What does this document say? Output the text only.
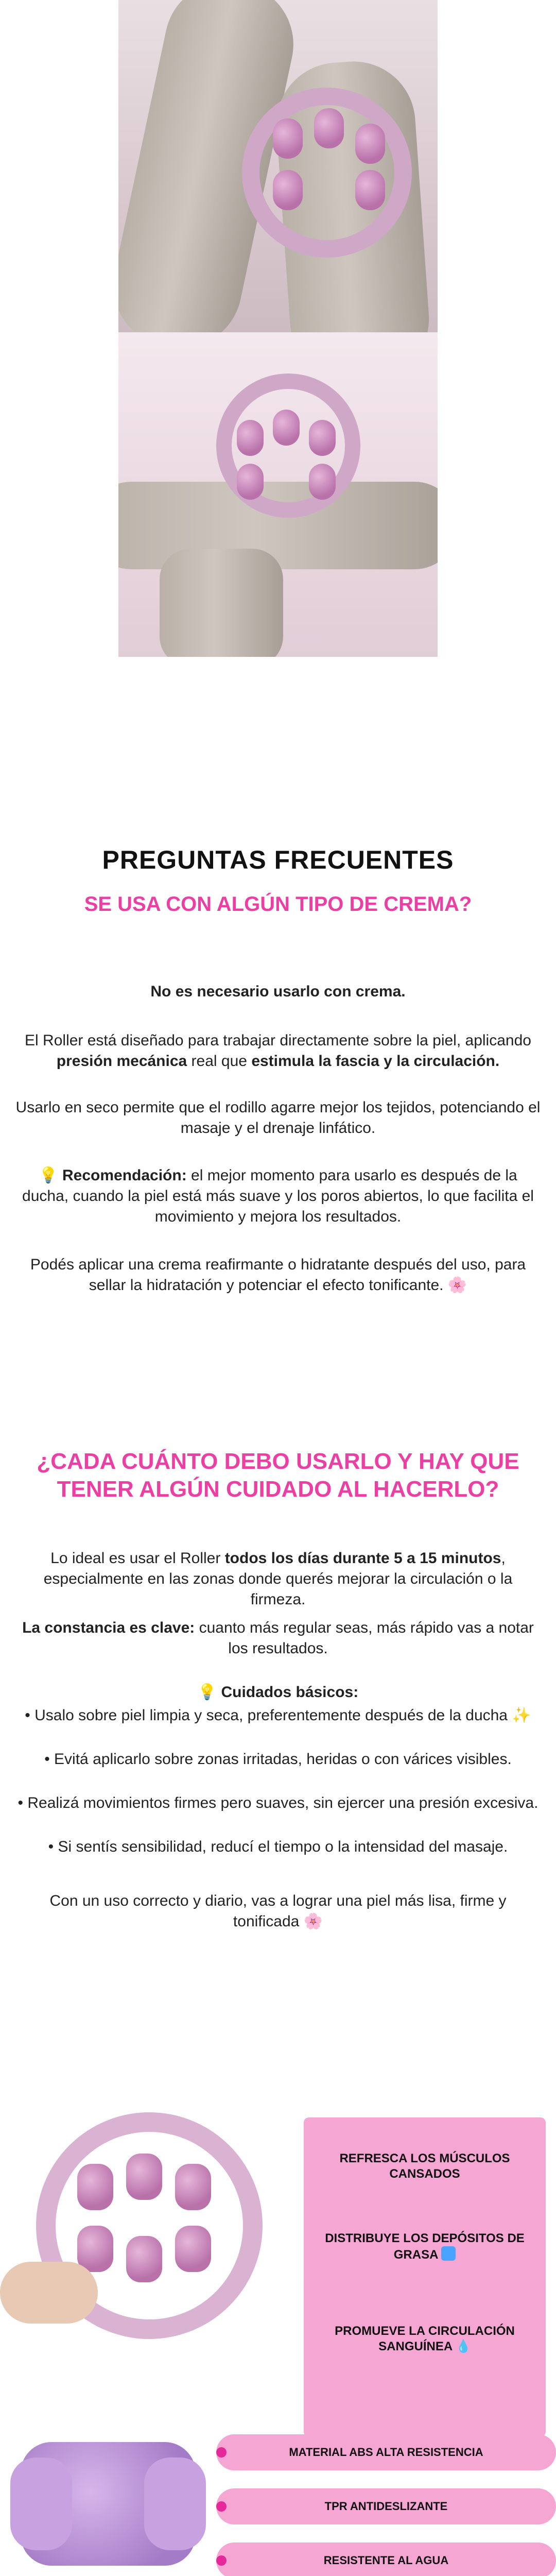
PREGUNTAS FRECUENTES
SE USA CON ALGÚN TIPO DE CREMA?
No es necesario usarlo con crema.
El Roller está diseñado para trabajar directamente sobre la piel, aplicando presión mecánica real que estimula la fascia y la circulación.
Usarlo en seco permite que el rodillo agarre mejor los tejidos, potenciando el masaje y el drenaje linfático.
💡 Recomendación: el mejor momento para usarlo es después de la ducha, cuando la piel está más suave y los poros abiertos, lo que facilita el movimiento y mejora los resultados.
Podés aplicar una crema reafirmante o hidratante después del uso, para sellar la hidratación y potenciar el efecto tonificante. 🌸
¿CADA CUÁNTO DEBO USARLO Y HAY QUE TENER ALGÚN CUIDADO AL HACERLO?
Lo ideal es usar el Roller todos los días durante 5 a 15 minutos, especialmente en las zonas donde querés mejorar la circulación o la firmeza.
La constancia es clave: cuanto más regular seas, más rápido vas a notar los resultados.
💡 Cuidados básicos:
• Usalo sobre piel limpia y seca, preferentemente después de la ducha ✨
• Evitá aplicarlo sobre zonas irritadas, heridas o con várices visibles.
• Realizá movimientos firmes pero suaves, sin ejercer una presión excesiva.
• Si sentís sensibilidad, reducí el tiempo o la intensidad del masaje.
Con un uso correcto y diario, vas a lograr una piel más lisa, firme y tonificada 🌸
REFRESCA LOS MÚSCULOS CANSADOS
DISTRIBUYE LOS DEPÓSITOS DE GRASA
PROMUEVE LA CIRCULACIÓN SANGUÍNEA 💧
MATERIAL ABS ALTA RESISTENCIA
TPR ANTIDESLIZANTE
RESISTENTE AL AGUA
